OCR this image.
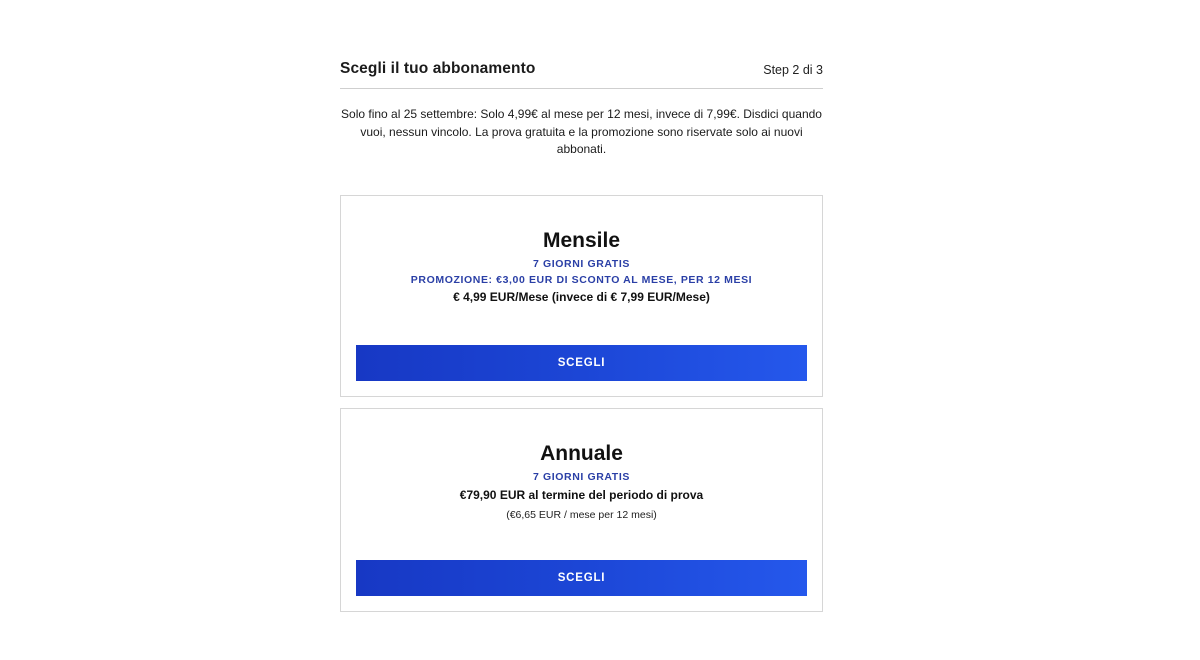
Scegli il tuo abbonamento	Step 2 di 3
Solo fino al 25 settembre: Solo 4,99€ al mese per 12 mesi, invece di 7,99€. Disdici quando vuoi, nessun vincolo. La prova gratuita e la promozione sono riservate solo ai nuovi abbonati.
Mensile
7 GIORNI GRATIS
PROMOZIONE: €3,00 EUR DI SCONTO AL MESE, PER 12 MESI
€ 4,99 EUR/Mese (invece di € 7,99 EUR/Mese)
SCEGLI
Annuale
7 GIORNI GRATIS
€79,90 EUR al termine del periodo di prova
(€6,65 EUR / mese per 12 mesi)
SCEGLI
